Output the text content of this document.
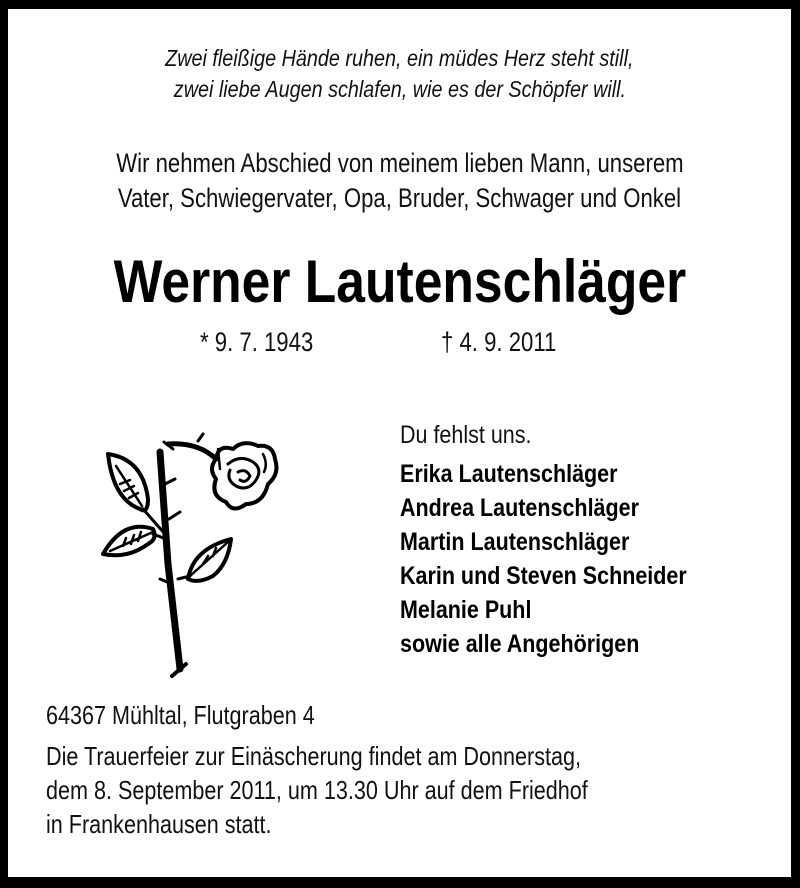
Zwei fleißige Hände ruhen, ein müdes Herz steht still,
zwei liebe Augen schlafen, wie es der Schöpfer will.
Wir nehmen Abschied von meinem lieben Mann, unserem
Vater, Schwiegervater, Opa, Bruder, Schwager und Onkel
Werner Lautenschläger
* 9. 7. 1943	† 4. 9. 2011
Du fehlst uns.
Erika Lautenschläger
Andrea Lautenschläger
Martin Lautenschläger
Karin und Steven Schneider
Melanie Puhl
sowie alle Angehörigen
64367 Mühltal, Flutgraben 4
Die Trauerfeier zur Einäscherung findet am Donnerstag,
dem 8. September 2011, um 13.30 Uhr auf dem Friedhof
in Frankenhausen statt.
